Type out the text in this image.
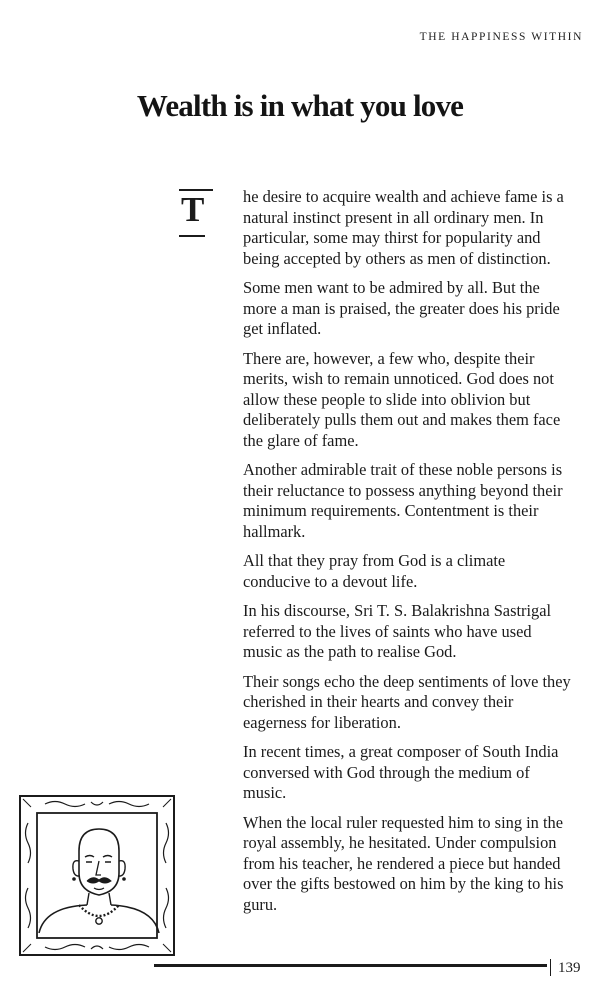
THE HAPPINESS WITHIN
Wealth is in what you love
T	he desire to acquire wealth and achieve fame is a natural instinct present in all ordinary men. In particular, some may thirst for popularity and being accepted by others as men of distinction.

Some men want to be admired by all. But the more a man is praised, the greater does his pride get inflated.

There are, however, a few who, despite their merits, wish to remain unnoticed. God does not allow these people to slide into oblivion but deliberately pulls them out and makes them face the glare of fame.

Another admirable trait of these noble persons is their reluctance to possess anything beyond their minimum requirements. Contentment is their hallmark.

All that they pray from God is a climate conducive to a devout life.

In his discourse, Sri T. S. Balakrishna Sastrigal referred to the lives of saints who have used music as the path to realise God.

Their songs echo the deep sentiments of love they cherished in their hearts and convey their eagerness for liberation.

In recent times, a great composer of South India conversed with God through the medium of music.

When the local ruler requested him to sing in the royal assembly, he hesitated. Under compulsion from his teacher, he rendered a piece but handed over the gifts bestowed on him by the king to his guru.

139
